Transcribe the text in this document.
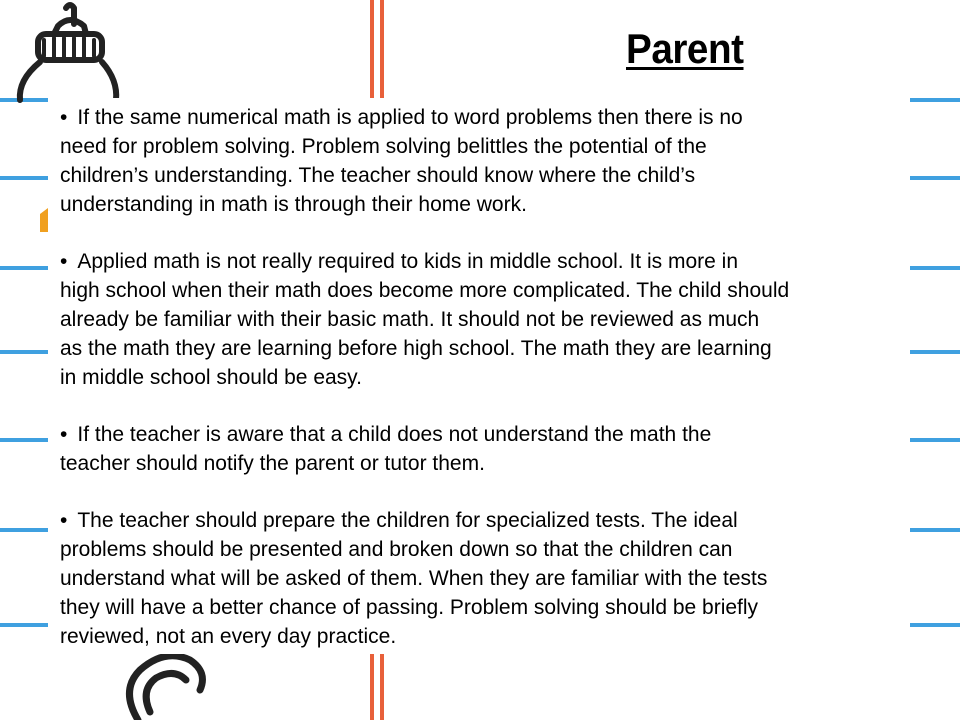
Parent

• If the same numerical math is applied to word problems then there is no
need for problem solving. Problem solving belittles the potential of the
children’s understanding. The teacher should know where the child’s
understanding in math is through their home work.

• Applied math is not really required to kids in middle school. It is more in
high school when their math does become more complicated. The child should
already be familiar with their basic math. It should not be reviewed as much
as the math they are learning before high school. The math they are learning
in middle school should be easy.

• If the teacher is aware that a child does not understand the math the
teacher should notify the parent or tutor them.

• The teacher should prepare the children for specialized tests. The ideal
problems should be presented and broken down so that the children can
understand what will be asked of them. When they are familiar with the tests
they will have a better chance of passing. Problem solving should be briefly
reviewed, not an every day practice.
